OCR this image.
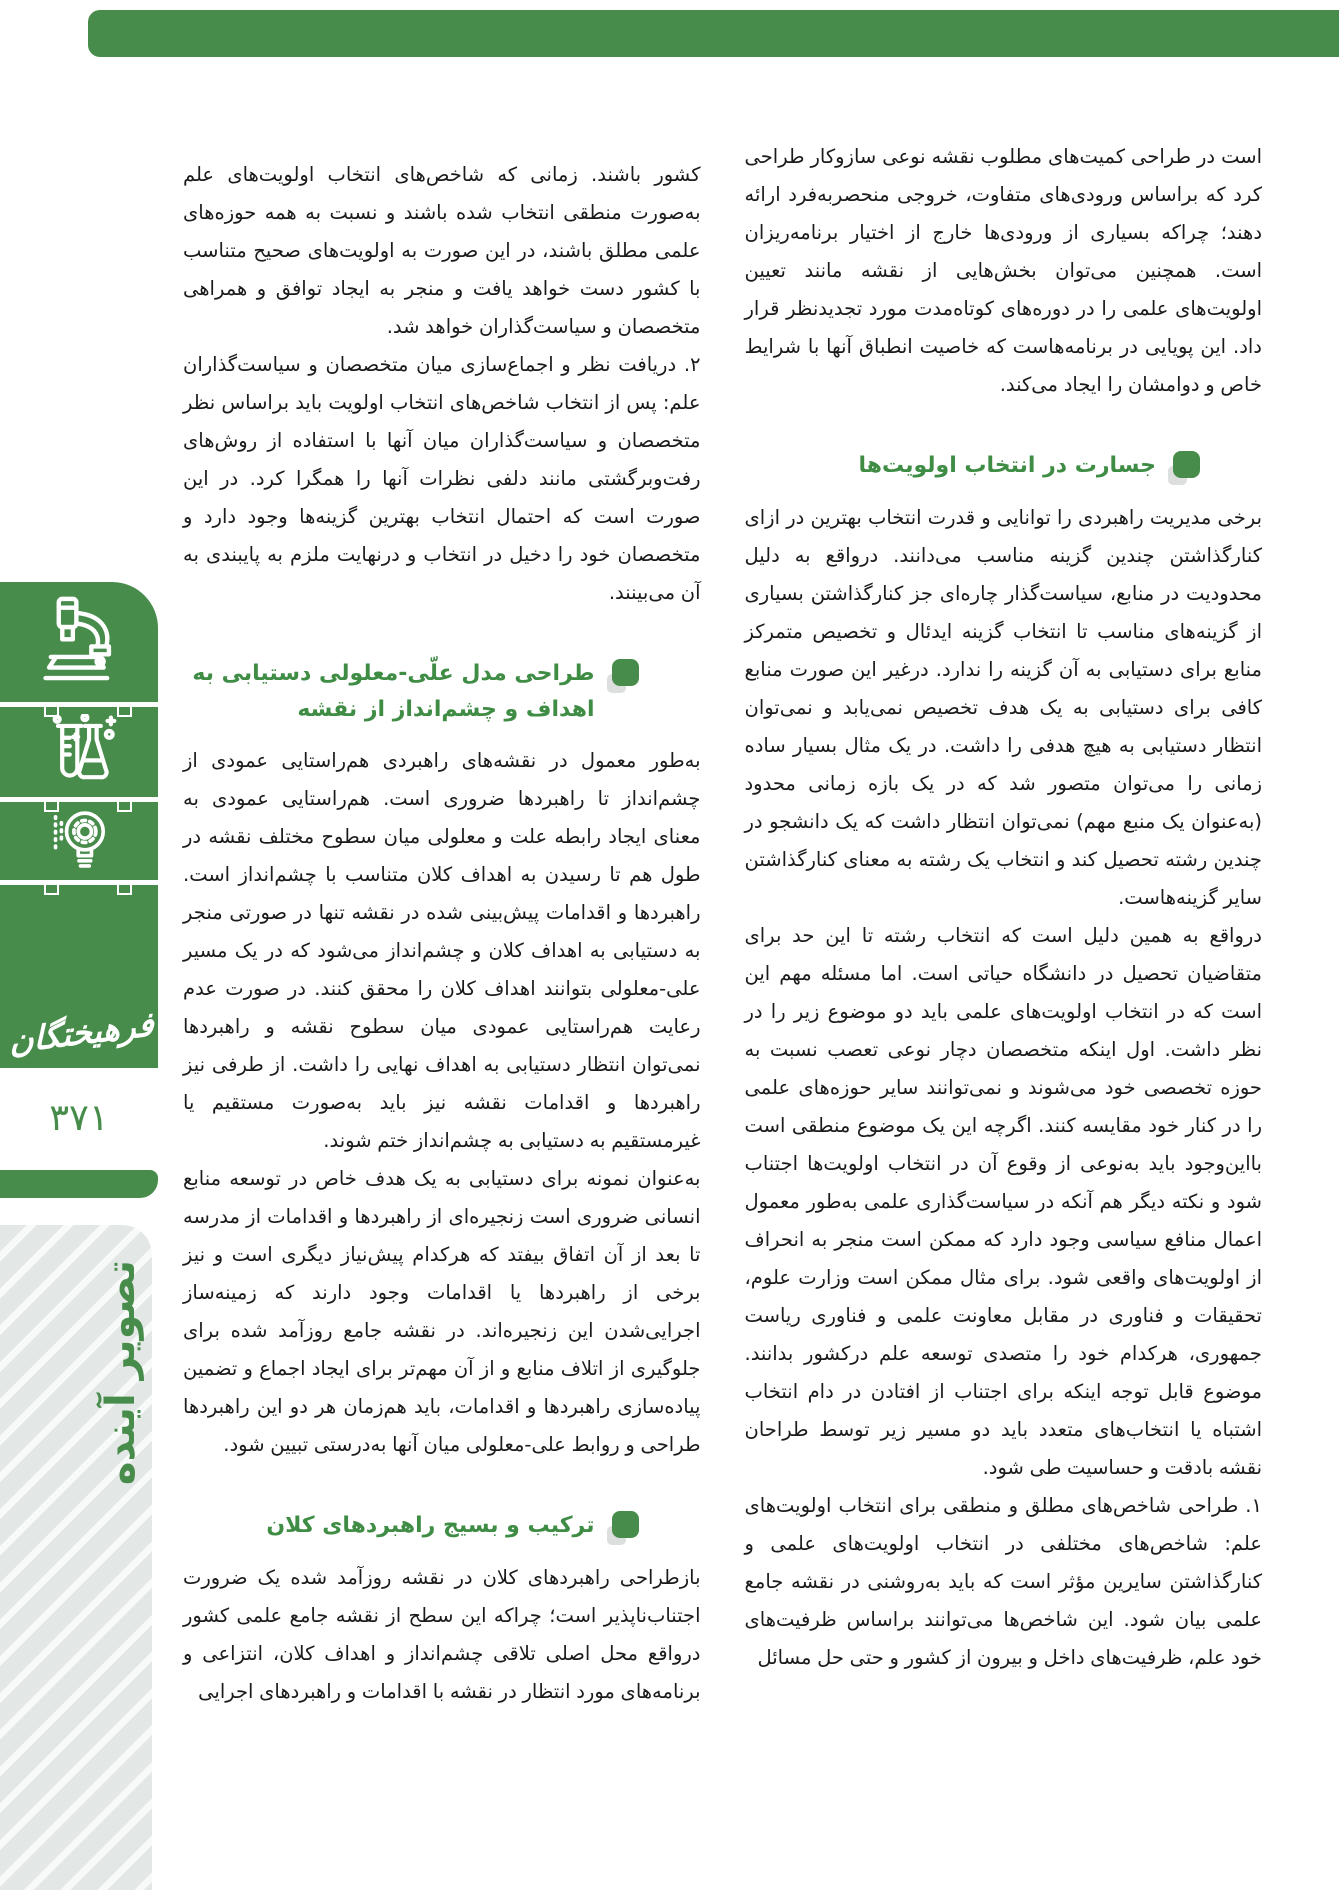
فرهیختگان
۳۷۱
تصویر آینده

است در طراحی کمیت‌های مطلوب نقشه نوعی سازوکار طراحی کرد که براساس ورودی‌های متفاوت، خروجی منحصربه‌فرد ارائه دهند؛ چراکه بسیاری از ورودی‌ها خارج از اختیار برنامه‌ریزان است. همچنین می‌توان بخش‌هایی از نقشه مانند تعیین اولویت‌های علمی را در دوره‌های کوتاه‌مدت مورد تجدیدنظر قرار داد. این پویایی در برنامه‌هاست که خاصیت انطباق آنها با شرایط خاص و دوامشان را ایجاد می‌کند.

جسارت در انتخاب اولویت‌ها

برخی مدیریت راهبردی را توانایی و قدرت انتخاب بهترین در ازای کنارگذاشتن چندین گزینه مناسب می‌دانند. درواقع به دلیل محدودیت در منابع، سیاست‌گذار چاره‌ای جز کنارگذاشتن بسیاری از گزینه‌های مناسب تا انتخاب گزینه ایدئال و تخصیص متمرکز منابع برای دستیابی به آن گزینه را ندارد. درغیر این صورت منابع کافی برای دستیابی به یک هدف تخصیص نمی‌یابد و نمی‌توان انتظار دستیابی به هیچ هدفی را داشت. در یک مثال بسیار ساده زمانی را می‌توان متصور شد که در یک بازه زمانی محدود (به‌عنوان یک منبع مهم) نمی‌توان انتظار داشت که یک دانشجو در چندین رشته تحصیل کند و انتخاب یک رشته به معنای کنارگذاشتن سایر گزینه‌هاست.

درواقع به همین دلیل است که انتخاب رشته تا این حد برای متقاضیان تحصیل در دانشگاه حیاتی است. اما مسئله مهم این است که در انتخاب اولویت‌های علمی باید دو موضوع زیر را در نظر داشت. اول اینکه متخصصان دچار نوعی تعصب نسبت به حوزه تخصصی خود می‌شوند و نمی‌توانند سایر حوزه‌های علمی را در کنار خود مقایسه کنند. اگرچه این یک موضوع منطقی است بااین‌وجود باید به‌نوعی از وقوع آن در انتخاب اولویت‌ها اجتناب شود و نکته دیگر هم آنکه در سیاست‌گذاری علمی به‌طور معمول اعمال منافع سیاسی وجود دارد که ممکن است منجر به انحراف از اولویت‌های واقعی شود. برای مثال ممکن است وزارت علوم، تحقیقات و فناوری در مقابل معاونت علمی و فناوری ریاست جمهوری، هرکدام خود را متصدی توسعه علم درکشور بدانند. موضوع قابل توجه اینکه برای اجتناب از افتادن در دام انتخاب اشتباه یا انتخاب‌های متعدد باید دو مسیر زیر توسط طراحان نقشه بادقت و حساسیت طی شود.

۱. طراحی شاخص‌های مطلق و منطقی برای انتخاب اولویت‌های علم: شاخص‌های مختلفی در انتخاب اولویت‌های علمی و کنارگذاشتن سایرین مؤثر است که باید به‌روشنی در نقشه جامع علمی بیان شود. این شاخص‌ها می‌توانند براساس ظرفیت‌های خود علم، ظرفیت‌های داخل و بیرون از کشور و حتی حل مسائل

کشور باشند. زمانی که شاخص‌های انتخاب اولویت‌های علم به‌صورت منطقی انتخاب شده باشند و نسبت به همه حوزه‌های علمی مطلق باشند، در این صورت به اولویت‌های صحیح متناسب با کشور دست خواهد یافت و منجر به ایجاد توافق و همراهی متخصصان و سیاست‌گذاران خواهد شد.

۲. دریافت نظر و اجماع‌سازی میان متخصصان و سیاست‌گذاران علم: پس از انتخاب شاخص‌های انتخاب اولویت باید براساس نظر متخصصان و سیاست‌گذاران میان آنها با استفاده از روش‌های رفت‌وبرگشتی مانند دلفی نظرات آنها را همگرا کرد. در این صورت است که احتمال انتخاب بهترین گزینه‌ها وجود دارد و متخصصان خود را دخیل در انتخاب و درنهایت ملزم به پایبندی به آن می‌بینند.

طراحی مدل علّی-معلولی دستیابی به اهداف و چشم‌انداز از نقشه

به‌طور معمول در نقشه‌های راهبردی هم‌راستایی عمودی از چشم‌انداز تا راهبردها ضروری است. هم‌راستایی عمودی به معنای ایجاد رابطه علت و معلولی میان سطوح مختلف نقشه در طول هم تا رسیدن به اهداف کلان متناسب با چشم‌انداز است. راهبردها و اقدامات پیش‌بینی شده در نقشه تنها در صورتی منجر به دستیابی به اهداف کلان و چشم‌انداز می‌شود که در یک مسیر علی-معلولی بتوانند اهداف کلان را محقق کنند. در صورت عدم رعایت هم‌راستایی عمودی میان سطوح نقشه و راهبردها نمی‌توان انتظار دستیابی به اهداف نهایی را داشت. از طرفی نیز راهبردها و اقدامات نقشه نیز باید به‌صورت مستقیم یا غیرمستقیم به دستیابی به چشم‌انداز ختم شوند.

به‌عنوان نمونه برای دستیابی به یک هدف خاص در توسعه منابع انسانی ضروری است زنجیره‌ای از راهبردها و اقدامات از مدرسه تا بعد از آن اتفاق بیفتد که هرکدام پیش‌نیاز دیگری است و نیز برخی از راهبردها یا اقدامات وجود دارند که زمینه‌ساز اجرایی‌شدن این زنجیره‌اند. در نقشه جامع روزآمد شده برای جلوگیری از اتلاف منابع و از آن مهم‌تر برای ایجاد اجماع و تضمین پیاده‌سازی راهبردها و اقدامات، باید هم‌زمان هر دو این راهبردها طراحی و روابط علی-معلولی میان آنها به‌درستی تبیین شود.

ترکیب و بسیج راهبردهای کلان

بازطراحی راهبردهای کلان در نقشه روزآمد شده یک ضرورت اجتناب‌ناپذیر است؛ چراکه این سطح از نقشه جامع علمی کشور درواقع محل اصلی تلاقی چشم‌انداز و اهداف کلان، انتزاعی و برنامه‌های مورد انتظار در نقشه با اقدامات و راهبردهای اجرایی
